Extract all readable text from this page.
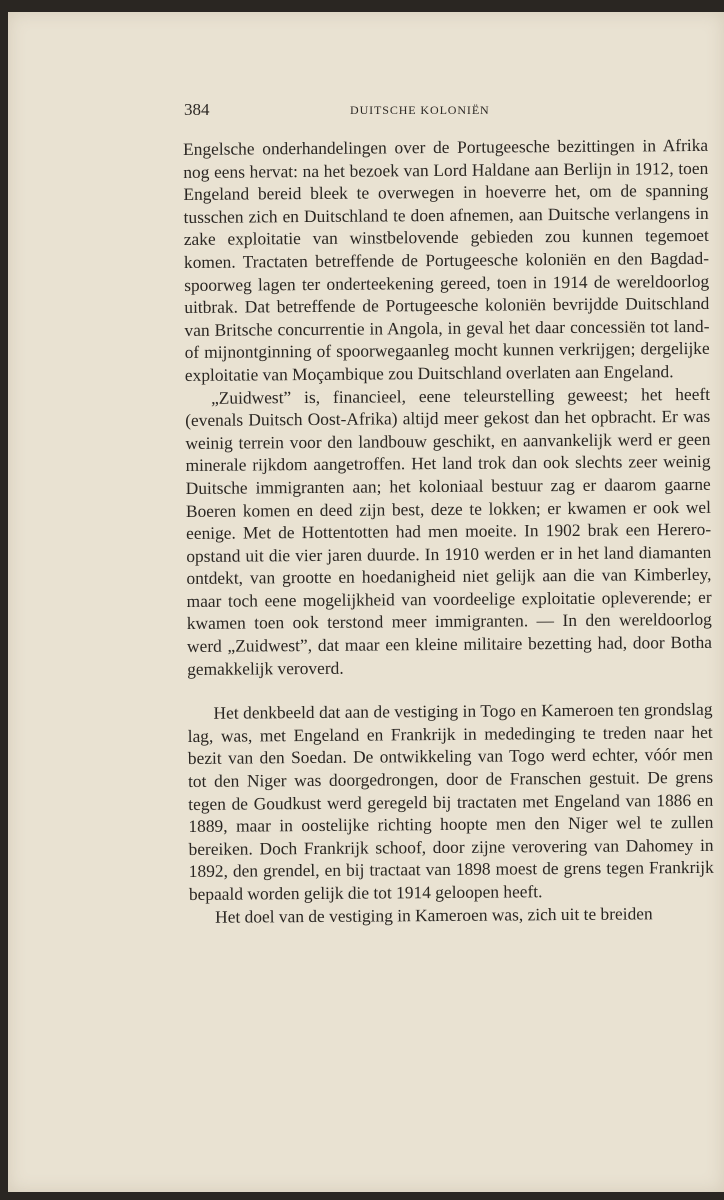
384	DUITSCHE KOLONIËN

Engelsche onderhandelingen over de Portugeesche bezittingen in Afrika nog eens hervat: na het bezoek van Lord Haldane aan Berlijn in 1912, toen Engeland bereid bleek te overwegen in hoeverre het, om de spanning tusschen zich en Duitschland te doen afnemen, aan Duitsche verlangens in zake exploitatie van winstbelovende gebieden zou kunnen tegemoet komen. Tractaten betreffende de Portugeesche koloniën en den Bagdad-spoorweg lagen ter onderteekening gereed, toen in 1914 de wereldoorlog uitbrak. Dat betreffende de Portugeesche koloniën bevrijdde Duitschland van Britsche concurrentie in Angola, in geval het daar concessiën tot land- of mijnontginning of spoorwegaanleg mocht kunnen verkrijgen; dergelijke exploitatie van Moçambique zou Duitschland overlaten aan Engeland.

„Zuidwest” is, financieel, eene teleurstelling geweest; het heeft (evenals Duitsch Oost-Afrika) altijd meer gekost dan het opbracht. Er was weinig terrein voor den landbouw geschikt, en aanvankelijk werd er geen minerale rijkdom aangetroffen. Het land trok dan ook slechts zeer weinig Duitsche immigranten aan; het koloniaal bestuur zag er daarom gaarne Boeren komen en deed zijn best, deze te lokken; er kwamen er ook wel eenige. Met de Hottentotten had men moeite. In 1902 brak een Herero-opstand uit die vier jaren duurde. In 1910 werden er in het land diamanten ontdekt, van grootte en hoedanigheid niet gelijk aan die van Kimberley, maar toch eene mogelijkheid van voordeelige exploitatie opleverende; er kwamen toen ook terstond meer immigranten. — In den wereldoorlog werd „Zuidwest”, dat maar een kleine militaire bezetting had, door Botha gemakkelijk veroverd.

Het denkbeeld dat aan de vestiging in Togo en Kameroen ten grondslag lag, was, met Engeland en Frankrijk in mededinging te treden naar het bezit van den Soedan. De ontwikkeling van Togo werd echter, vóór men tot den Niger was doorgedrongen, door de Franschen gestuit. De grens tegen de Goudkust werd geregeld bij tractaten met Engeland van 1886 en 1889, maar in oostelijke richting hoopte men den Niger wel te zullen bereiken. Doch Frankrijk schoof, door zijne verovering van Dahomey in 1892, den grendel, en bij tractaat van 1898 moest de grens tegen Frankrijk bepaald worden gelijk die tot 1914 geloopen heeft.

Het doel van de vestiging in Kameroen was, zich uit te breiden
